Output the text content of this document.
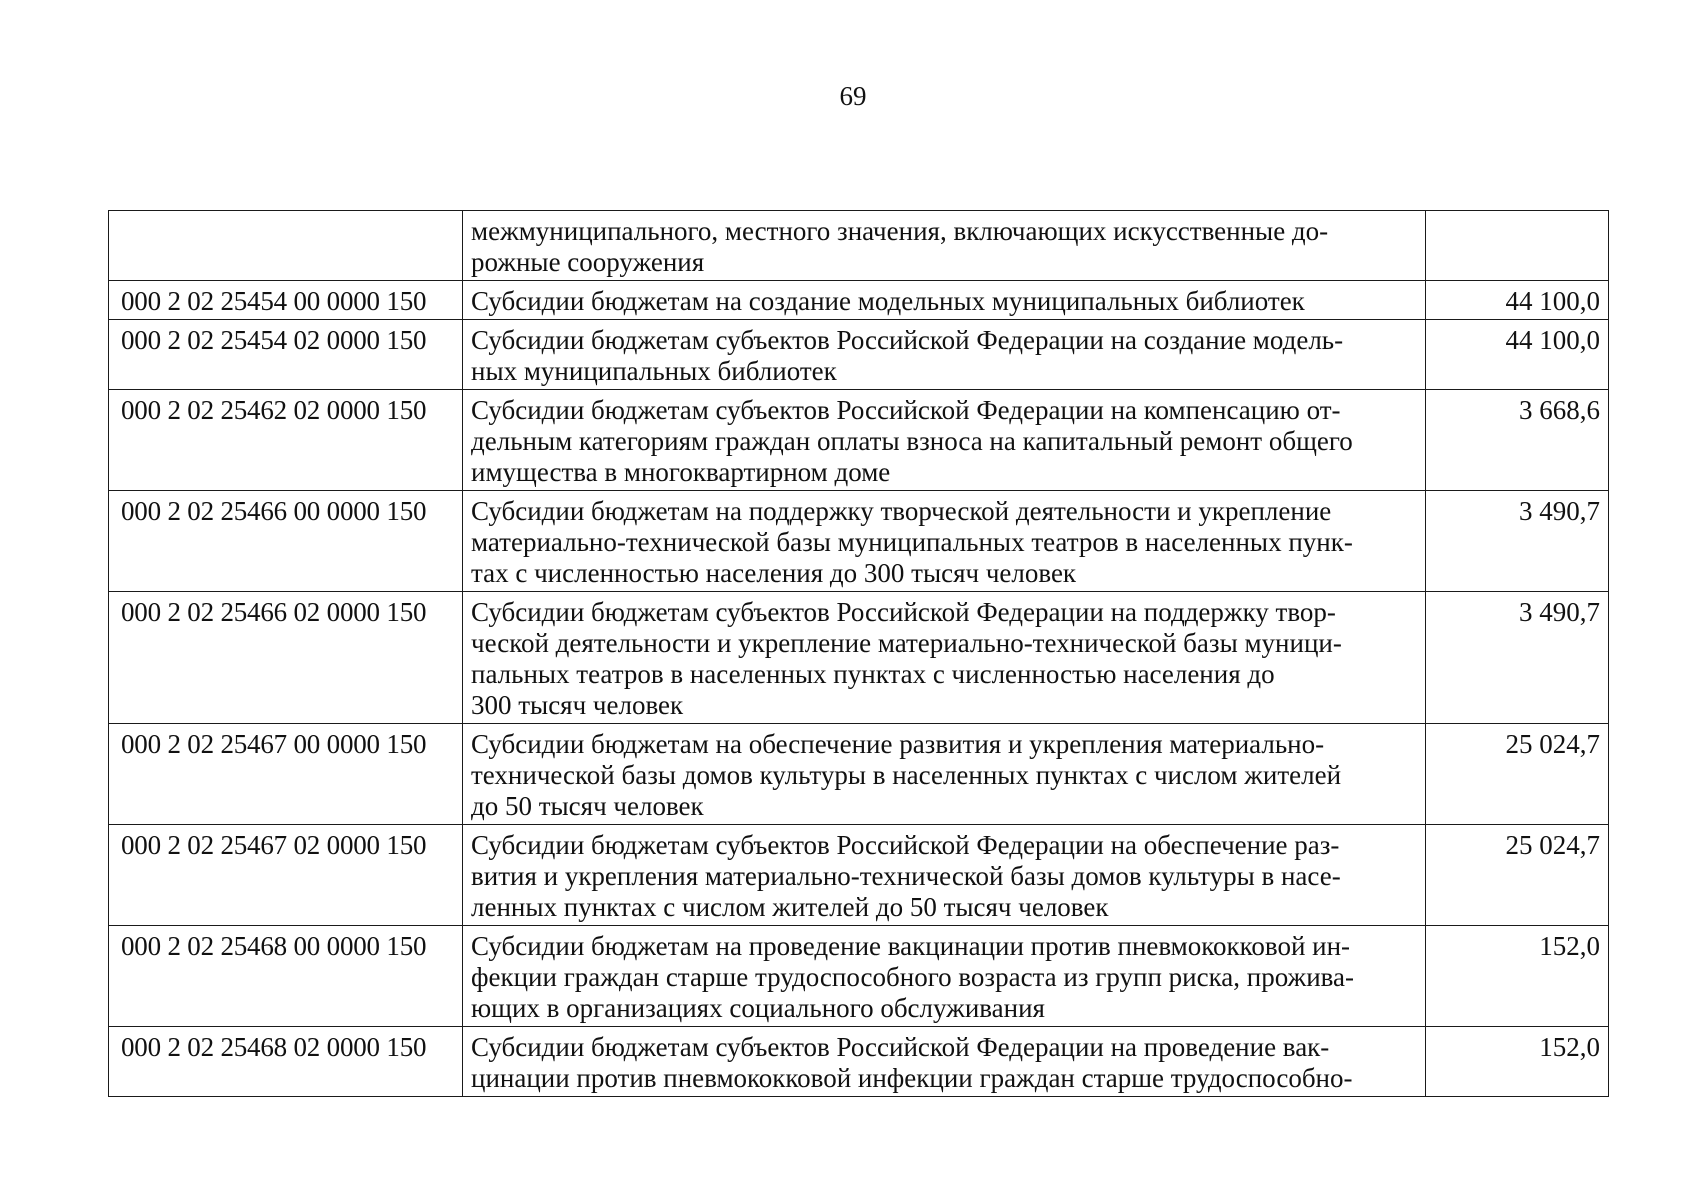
69

	межмуниципального, местного значения, включающих искусственные до-
рожные сооружения	

000 2 02 25454 00 0000 150	Субсидии бюджетам на создание модельных муниципальных библиотек	44 100,0
000 2 02 25454 02 0000 150	Субсидии бюджетам субъектов Российской Федерации на создание модель-
ных муниципальных библиотек	44 100,0
000 2 02 25462 02 0000 150	Субсидии бюджетам субъектов Российской Федерации на компенсацию от-
дельным категориям граждан оплаты взноса на капитальный ремонт общего
имущества в многоквартирном доме	3 668,6
000 2 02 25466 00 0000 150	Субсидии бюджетам на поддержку творческой деятельности и укрепление
материально-технической базы муниципальных театров в населенных пунк-
тах с численностью населения до 300 тысяч человек	3 490,7
000 2 02 25466 02 0000 150	Субсидии бюджетам субъектов Российской Федерации на поддержку твор-
ческой деятельности и укрепление материально-технической базы муници-
пальных театров в населенных пунктах с численностью населения до
300 тысяч человек	3 490,7
000 2 02 25467 00 0000 150	Субсидии бюджетам на обеспечение развития и укрепления материально-
технической базы домов культуры в населенных пунктах с числом жителей
до 50 тысяч человек	25 024,7
000 2 02 25467 02 0000 150	Субсидии бюджетам субъектов Российской Федерации на обеспечение раз-
вития и укрепления материально-технической базы домов культуры в насе-
ленных пунктах с числом жителей до 50 тысяч человек	25 024,7
000 2 02 25468 00 0000 150	Субсидии бюджетам на проведение вакцинации против пневмококковой ин-
фекции граждан старше трудоспособного возраста из групп риска, прожива-
ющих в организациях социального обслуживания	152,0
000 2 02 25468 02 0000 150	Субсидии бюджетам субъектов Российской Федерации на проведение вак-
цинации против пневмококковой инфекции граждан старше трудоспособно-	152,0
